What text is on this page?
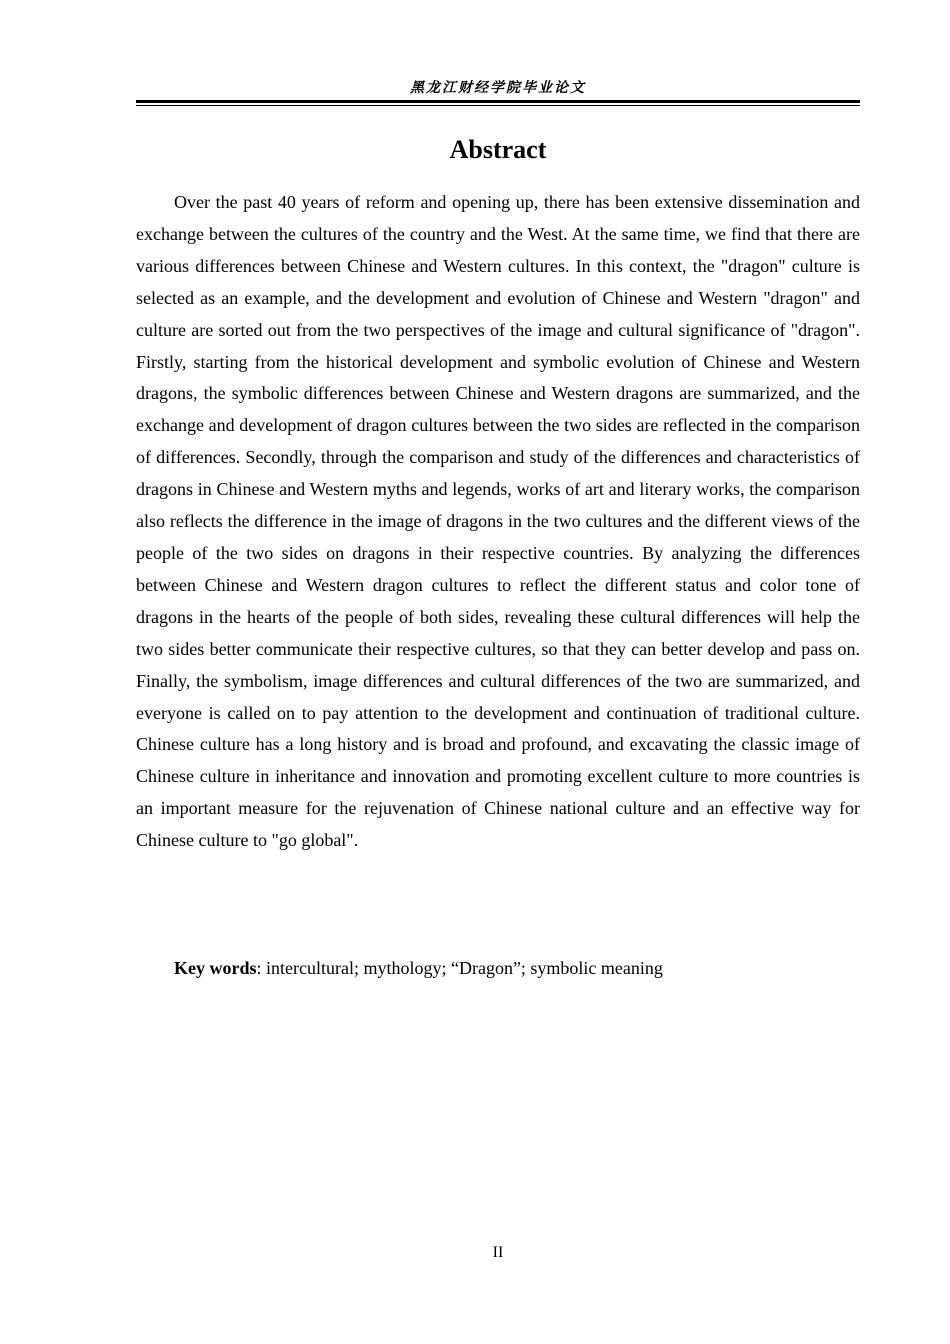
黑龙江财经学院毕业论文
Abstract

Over the past 40 years of reform and opening up, there has been extensive dissemination and exchange between the cultures of the country and the West. At the same time, we find that there are various differences between Chinese and Western cultures. In this context, the "dragon" culture is selected as an example, and the development and evolution of Chinese and Western "dragon" and culture are sorted out from the two perspectives of the image and cultural significance of "dragon". Firstly, starting from the historical development and symbolic evolution of Chinese and Western dragons, the symbolic differences between Chinese and Western dragons are summarized, and the exchange and development of dragon cultures between the two sides are reflected in the comparison of differences. Secondly, through the comparison and study of the differences and characteristics of dragons in Chinese and Western myths and legends, works of art and literary works, the comparison also reflects the difference in the image of dragons in the two cultures and the different views of the people of the two sides on dragons in their respective countries. By analyzing the differences between Chinese and Western dragon cultures to reflect the different status and color tone of dragons in the hearts of the people of both sides, revealing these cultural differences will help the two sides better communicate their respective cultures, so that they can better develop and pass on. Finally, the symbolism, image differences and cultural differences of the two are summarized, and everyone is called on to pay attention to the development and continuation of traditional culture. Chinese culture has a long history and is broad and profound, and excavating the classic image of Chinese culture in inheritance and innovation and promoting excellent culture to more countries is an important measure for the rejuvenation of Chinese national culture and an effective way for Chinese culture to "go global".

Key words: intercultural; mythology; “Dragon”; symbolic meaning

II
